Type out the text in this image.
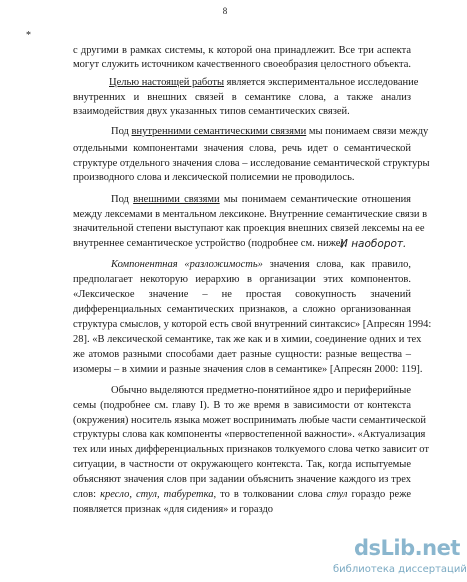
8
*
с другими в рамках системы, к которой она принадлежит. Все три аспекта
могут служить источником качественного своеобразия целостного объекта.
Целью настоящей работы является экспериментальное исследование
внутренних и внешних связей в семантике слова, а также анализ
взаимодействия двух указанных типов семантических связей.
Под внутренними семантическими связями мы понимаем связи между
отдельными компонентами значения слова, речь идет о семантической
структуре отдельного значения слова – исследование семантической структуры
производного слова и лексической полисемии не проводилось.
Под внешними связями мы понимаем семантические отношения
между лексемами в ментальном лексиконе. Внутренние семантические связи в
значительной степени выступают как проекция внешних связей лексемы на ее
внутреннее семантическое устройство (подробнее см. ниже).
Компонентная «разложимость» значения слова, как правило,
предполагает некоторую иерархию в организации этих компонентов.
«Лексическое значение – не простая совокупность значений
дифференциальных семантических признаков, а сложно организованная
структура смыслов, у которой есть свой внутренний синтаксис» [Апресян 1994:
28]. «В лексической семантике, так же как и в химии, соединение одних и тех
же атомов разными способами дает разные сущности: разные вещества –
изомеры – в химии и разные значения слов в семантике» [Апресян 2000: 119].
Обычно выделяются предметно-понятийное ядро и периферийные
семы (подробнее см. главу I). В то же время в зависимости от контекста
(окружения) носитель языка может воспринимать любые части семантической
структуры слова как компоненты «первостепенной важности». «Актуализация
тех или иных дифференциальных признаков толкуемого слова четко зависит от
ситуации, в частности от окружающего контекста. Так, когда испытуемые
объясняют значения слов при задании объяснить значение каждого из трех
слов: кресло, стул, табуретка, то в толковании слова стул гораздо реже
появляется признак «для сидения» и гораздо
И наоборот.
dsLib.net
библиотека диссертаций
